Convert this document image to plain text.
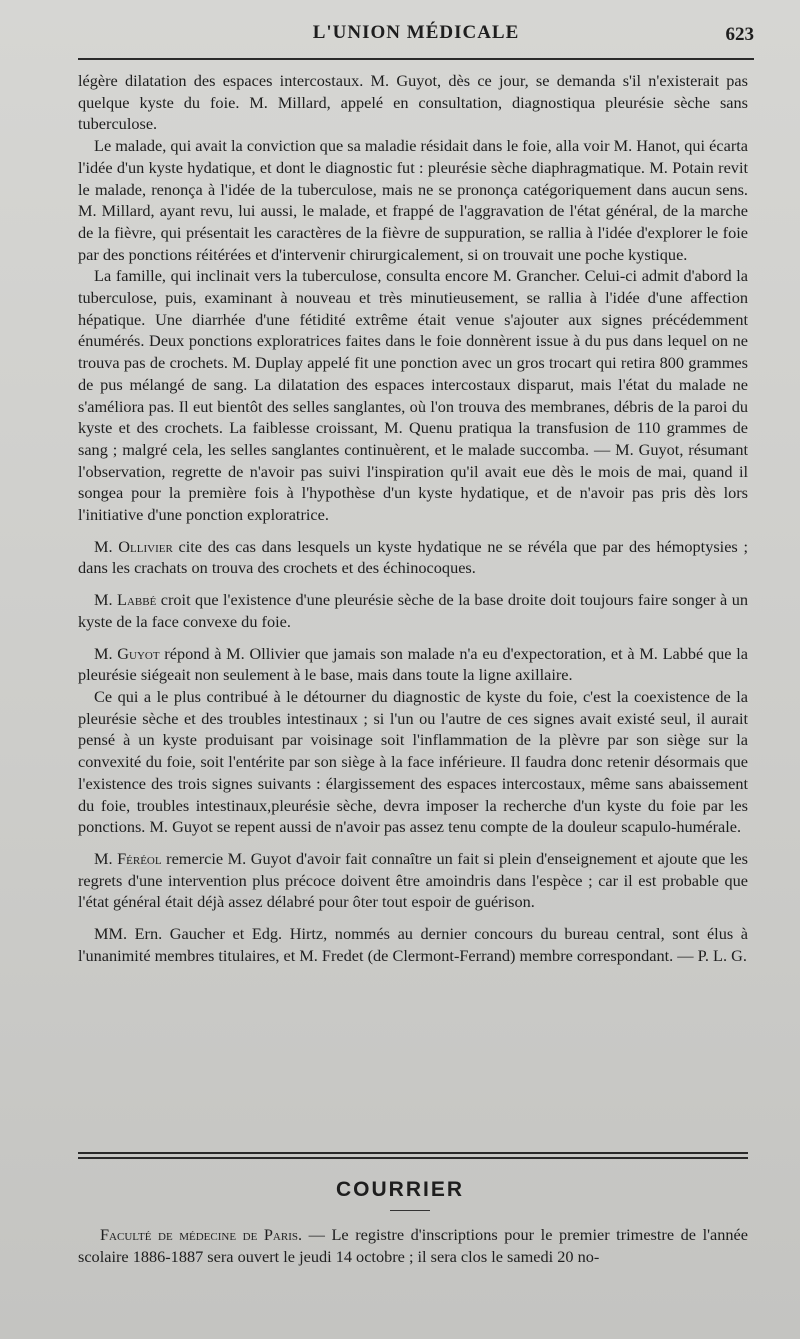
L'UNION MÉDICALE	623

légère dilatation des espaces intercostaux. M. Guyot, dès ce jour, se demanda s'il n'existerait pas quelque kyste du foie. M. Millard, appelé en consultation, diagnostiqua pleurésie sèche sans tuberculose.

Le malade, qui avait la conviction que sa maladie résidait dans le foie, alla voir M. Hanot, qui écarta l'idée d'un kyste hydatique, et dont le diagnostic fut : pleurésie sèche diaphragmatique. M. Potain revit le malade, renonça à l'idée de la tuberculose, mais ne se prononça catégoriquement dans aucun sens. M. Millard, ayant revu, lui aussi, le malade, et frappé de l'aggravation de l'état général, de la marche de la fièvre, qui présentait les caractères de la fièvre de suppuration, se rallia à l'idée d'explorer le foie par des ponctions réitérées et d'intervenir chirurgicalement, si on trouvait une poche kystique.

La famille, qui inclinait vers la tuberculose, consulta encore M. Grancher. Celui-ci admit d'abord la tuberculose, puis, examinant à nouveau et très minutieusement, se rallia à l'idée d'une affection hépatique. Une diarrhée d'une fétidité extrême était venue s'ajouter aux signes précédemment énumérés. Deux ponctions exploratrices faites dans le foie donnèrent issue à du pus dans lequel on ne trouva pas de crochets. M. Duplay appelé fit une ponction avec un gros trocart qui retira 800 grammes de pus mélangé de sang. La dilatation des espaces intercostaux disparut, mais l'état du malade ne s'améliora pas. Il eut bientôt des selles sanglantes, où l'on trouva des membranes, débris de la paroi du kyste et des crochets. La faiblesse croissant, M. Quenu pratiqua la transfusion de 110 grammes de sang ; malgré cela, les selles sanglantes continuèrent, et le malade succomba. — M. Guyot, résumant l'observation, regrette de n'avoir pas suivi l'inspiration qu'il avait eue dès le mois de mai, quand il songea pour la première fois à l'hypothèse d'un kyste hydatique, et de n'avoir pas pris dès lors l'initiative d'une ponction exploratrice.

M. Ollivier cite des cas dans lesquels un kyste hydatique ne se révéla que par des hémoptysies ; dans les crachats on trouva des crochets et des échinocoques.

M. Labbé croit que l'existence d'une pleurésie sèche de la base droite doit toujours faire songer à un kyste de la face convexe du foie.

M. Guyot répond à M. Ollivier que jamais son malade n'a eu d'expectoration, et à M. Labbé que la pleurésie siégeait non seulement à le base, mais dans toute la ligne axillaire.

Ce qui a le plus contribué à le détourner du diagnostic de kyste du foie, c'est la coexistence de la pleurésie sèche et des troubles intestinaux ; si l'un ou l'autre de ces signes avait existé seul, il aurait pensé à un kyste produisant par voisinage soit l'inflammation de la plèvre par son siège sur la convexité du foie, soit l'entérite par son siège à la face inférieure. Il faudra donc retenir désormais que l'existence des trois signes suivants : élargissement des espaces intercostaux, même sans abaissement du foie, troubles intestinaux,pleurésie sèche, devra imposer la recherche d'un kyste du foie par les ponctions. M. Guyot se repent aussi de n'avoir pas assez tenu compte de la douleur scapulo-humérale.

M. Féréol remercie M. Guyot d'avoir fait connaître un fait si plein d'enseignement et ajoute que les regrets d'une intervention plus précoce doivent être amoindris dans l'espèce ; car il est probable que l'état général était déjà assez délabré pour ôter tout espoir de guérison.

MM. Ern. Gaucher et Edg. Hirtz, nommés au dernier concours du bureau central, sont élus à l'unanimité membres titulaires, et M. Fredet (de Clermont-Ferrand) membre correspondant. — P. L. G.

COURRIER

Faculté de médecine de Paris. — Le registre d'inscriptions pour le premier trimestre de l'année scolaire 1886-1887 sera ouvert le jeudi 14 octobre ; il sera clos le samedi 20 no-
